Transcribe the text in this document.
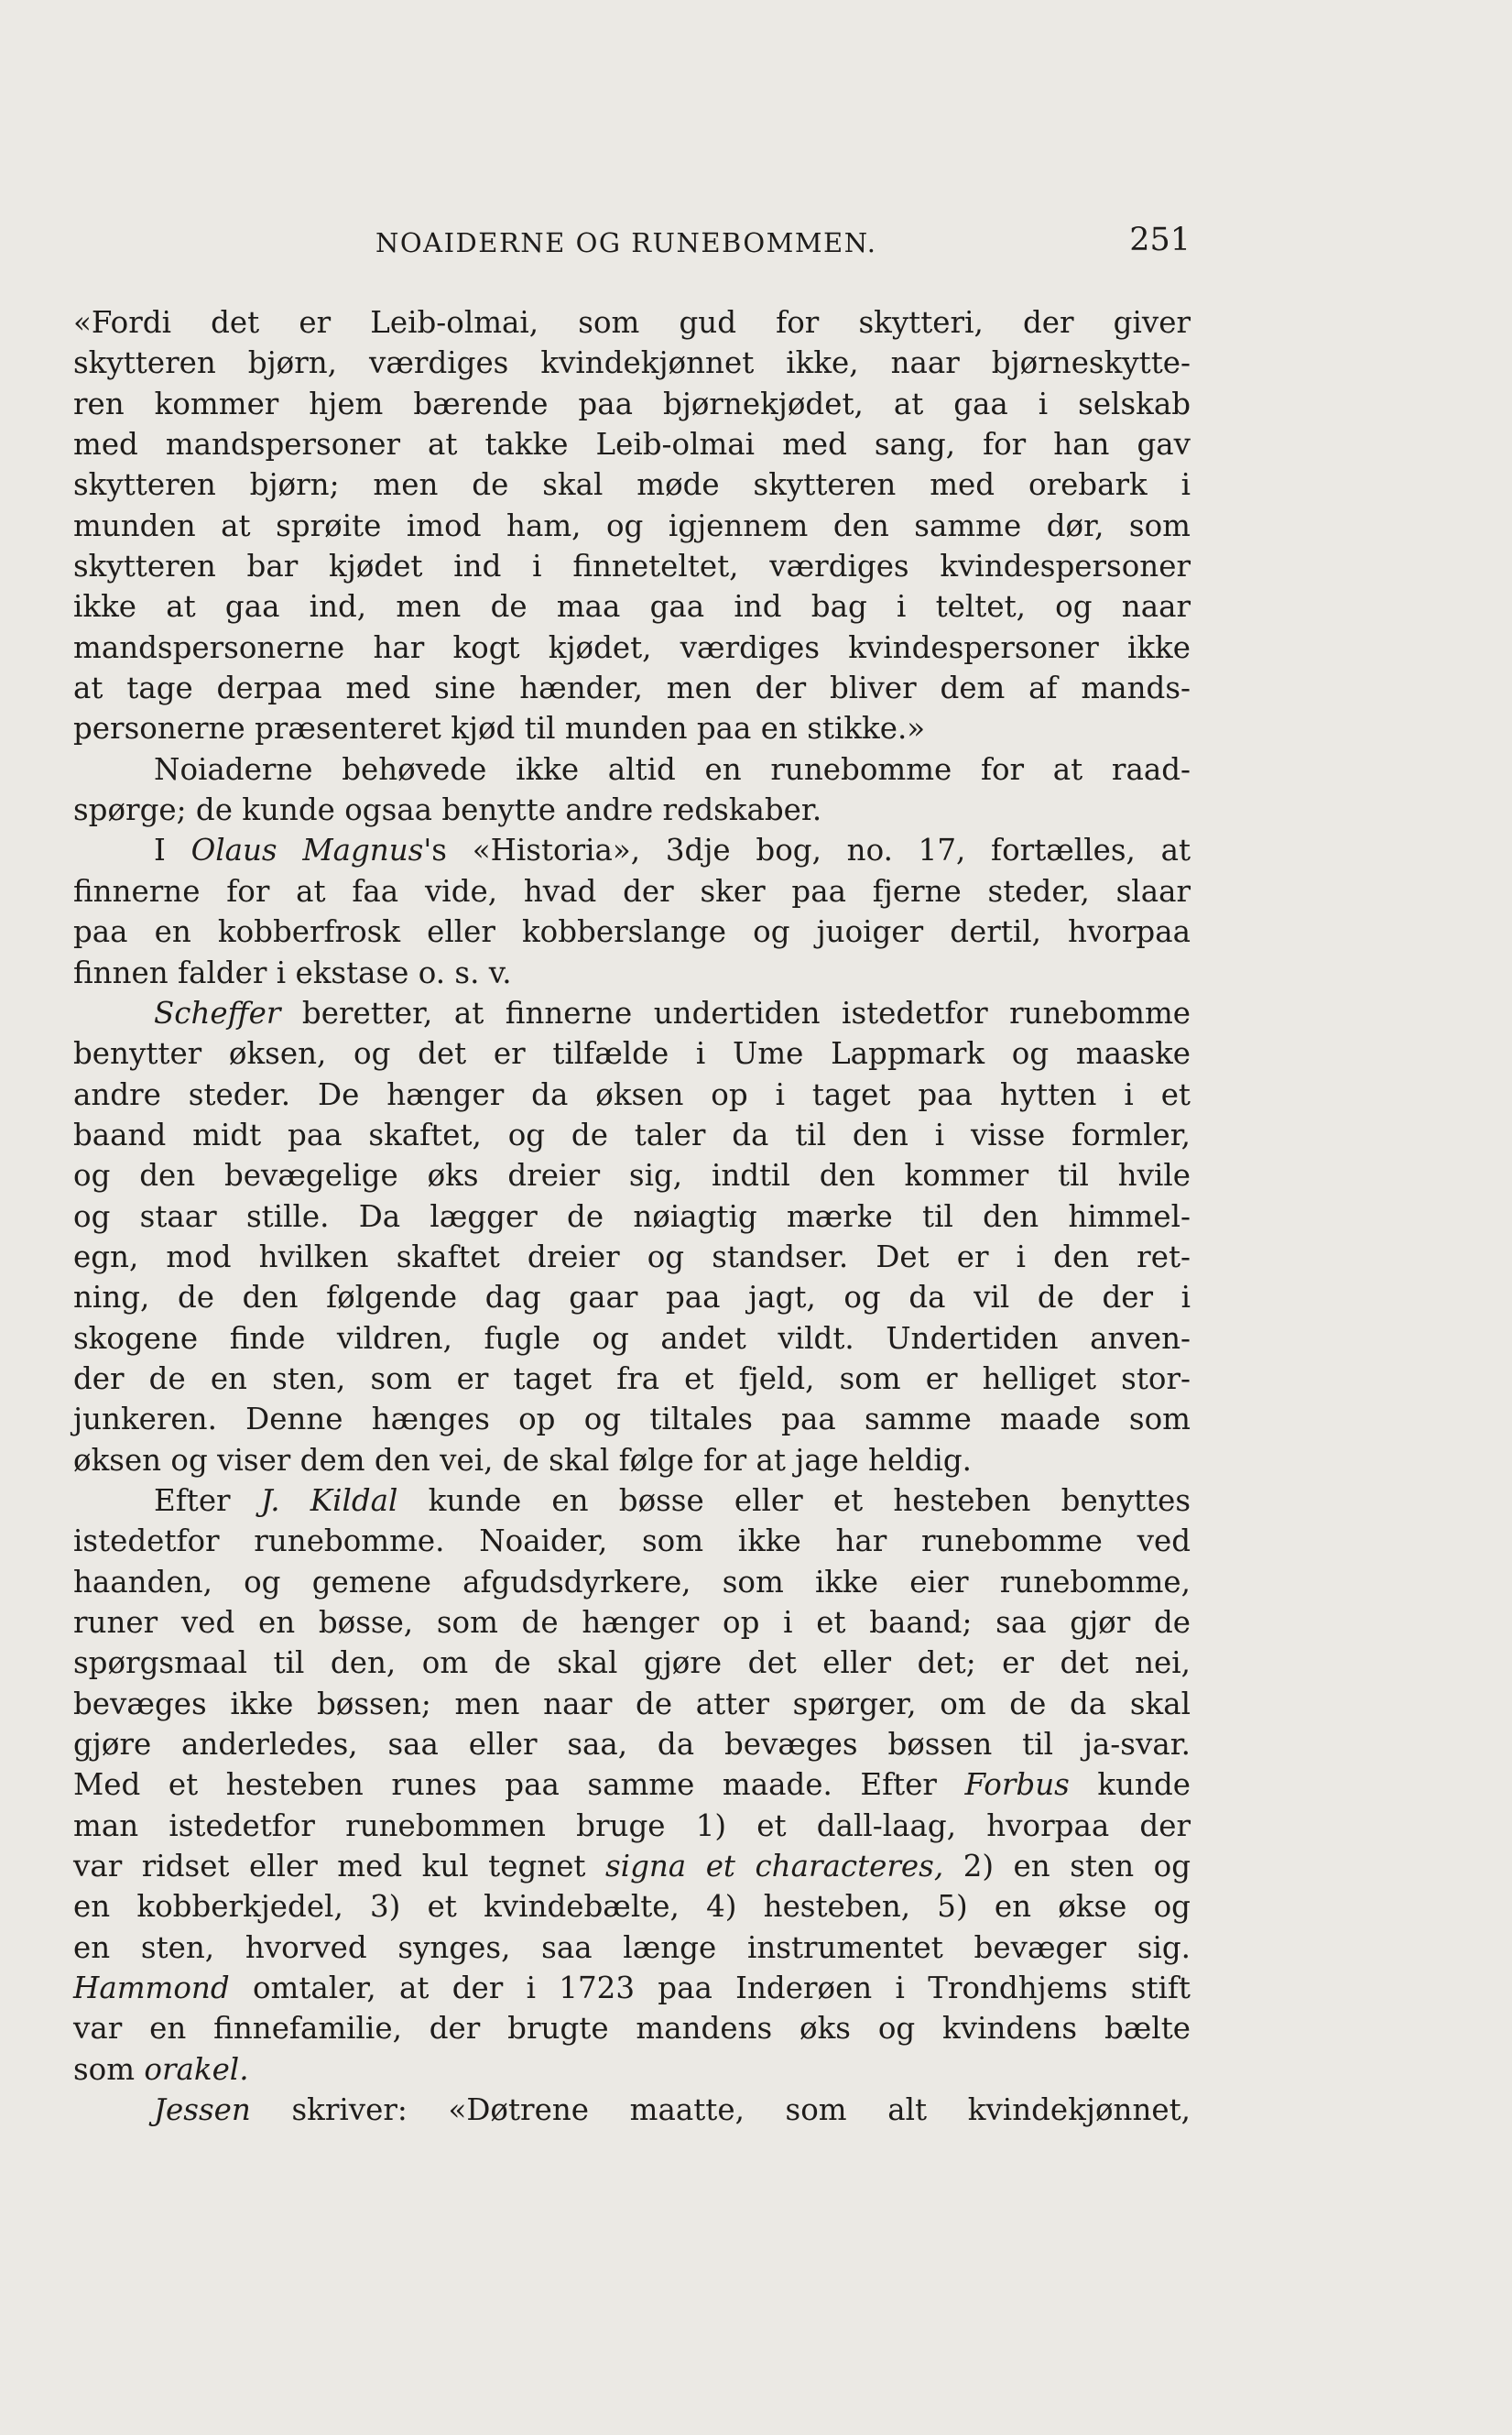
NOAIDERNE OG RUNEBOMMEN.	251
«Fordi det er Leib-olmai, som gud for skytteri, der giver
skytteren bjørn, værdiges kvindekjønnet ikke, naar bjørneskytte-
ren kommer hjem bærende paa bjørnekjødet, at gaa i selskab
med mandspersoner at takke Leib-olmai med sang, for han gav
skytteren bjørn; men de skal møde skytteren med orebark i
munden at sprøite imod ham, og igjennem den samme dør, som
skytteren bar kjødet ind i finneteltet, værdiges kvindespersoner
ikke at gaa ind, men de maa gaa ind bag i teltet, og naar
mandspersonerne har kogt kjødet, værdiges kvindespersoner ikke
at tage derpaa med sine hænder, men der bliver dem af mands-
personerne præsenteret kjød til munden paa en stikke.»
Noiaderne behøvede ikke altid en runebomme for at raad-
spørge; de kunde ogsaa benytte andre redskaber.
I Olaus Magnus's «Historia», 3dje bog, no. 17, fortælles, at
finnerne for at faa vide, hvad der sker paa fjerne steder, slaar
paa en kobberfrosk eller kobberslange og juoiger dertil, hvorpaa
finnen falder i ekstase o. s. v.
Scheffer beretter, at finnerne undertiden istedetfor runebomme
benytter øksen, og det er tilfælde i Ume Lappmark og maaske
andre steder. De hænger da øksen op i taget paa hytten i et
baand midt paa skaftet, og de taler da til den i visse formler,
og den bevægelige øks dreier sig, indtil den kommer til hvile
og staar stille. Da lægger de nøiagtig mærke til den himmel-
egn, mod hvilken skaftet dreier og standser. Det er i den ret-
ning, de den følgende dag gaar paa jagt, og da vil de der i
skogene finde vildren, fugle og andet vildt. Undertiden anven-
der de en sten, som er taget fra et fjeld, som er helliget stor-
junkeren. Denne hænges op og tiltales paa samme maade som
øksen og viser dem den vei, de skal følge for at jage heldig.
Efter J. Kildal kunde en bøsse eller et hesteben benyttes
istedetfor runebomme. Noaider, som ikke har runebomme ved
haanden, og gemene afgudsdyrkere, som ikke eier runebomme,
runer ved en bøsse, som de hænger op i et baand; saa gjør de
spørgsmaal til den, om de skal gjøre det eller det; er det nei,
bevæges ikke bøssen; men naar de atter spørger, om de da skal
gjøre anderledes, saa eller saa, da bevæges bøssen til ja-svar.
Med et hesteben runes paa samme maade. Efter Forbus kunde
man istedetfor runebommen bruge 1) et dall-laag, hvorpaa der
var ridset eller med kul tegnet signa et characteres, 2) en sten og
en kobberkjedel, 3) et kvindebælte, 4) hesteben, 5) en økse og
en sten, hvorved synges, saa længe instrumentet bevæger sig.
Hammond omtaler, at der i 1723 paa Inderøen i Trondhjems stift
var en finnefamilie, der brugte mandens øks og kvindens bælte
som orakel.
Jessen skriver: «Døtrene maatte, som alt kvindekjønnet,
